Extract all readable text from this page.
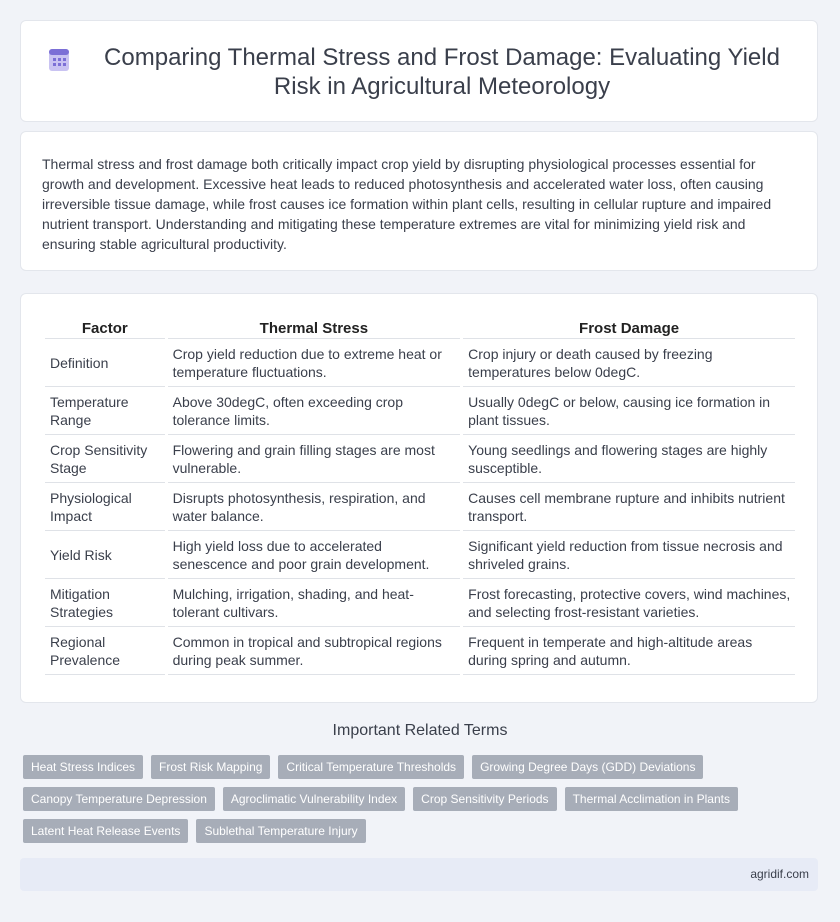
Comparing Thermal Stress and Frost Damage: Evaluating Yield Risk in Agricultural Meteorology

Thermal stress and frost damage both critically impact crop yield by disrupting physiological processes essential for growth and development. Excessive heat leads to reduced photosynthesis and accelerated water loss, often causing irreversible tissue damage, while frost causes ice formation within plant cells, resulting in cellular rupture and impaired nutrient transport. Understanding and mitigating these temperature extremes are vital for minimizing yield risk and ensuring stable agricultural productivity.

Factor	Thermal Stress	Frost Damage
Definition	Crop yield reduction due to extreme heat or temperature fluctuations.	Crop injury or death caused by freezing temperatures below 0degC.
Temperature Range	Above 30degC, often exceeding crop tolerance limits.	Usually 0degC or below, causing ice formation in plant tissues.
Crop Sensitivity Stage	Flowering and grain filling stages are most vulnerable.	Young seedlings and flowering stages are highly susceptible.
Physiological Impact	Disrupts photosynthesis, respiration, and water balance.	Causes cell membrane rupture and inhibits nutrient transport.
Yield Risk	High yield loss due to accelerated senescence and poor grain development.	Significant yield reduction from tissue necrosis and shriveled grains.
Mitigation Strategies	Mulching, irrigation, shading, and heat-tolerant cultivars.	Frost forecasting, protective covers, wind machines, and selecting frost-resistant varieties.
Regional Prevalence	Common in tropical and subtropical regions during peak summer.	Frequent in temperate and high-altitude areas during spring and autumn.
Important Related Terms
Heat Stress Indices	Frost Risk Mapping	Critical Temperature Thresholds	Growing Degree Days (GDD) Deviations
Canopy Temperature Depression	Agroclimatic Vulnerability Index	Crop Sensitivity Periods	Thermal Acclimation in Plants
Latent Heat Release Events	Sublethal Temperature Injury
agridif.com
